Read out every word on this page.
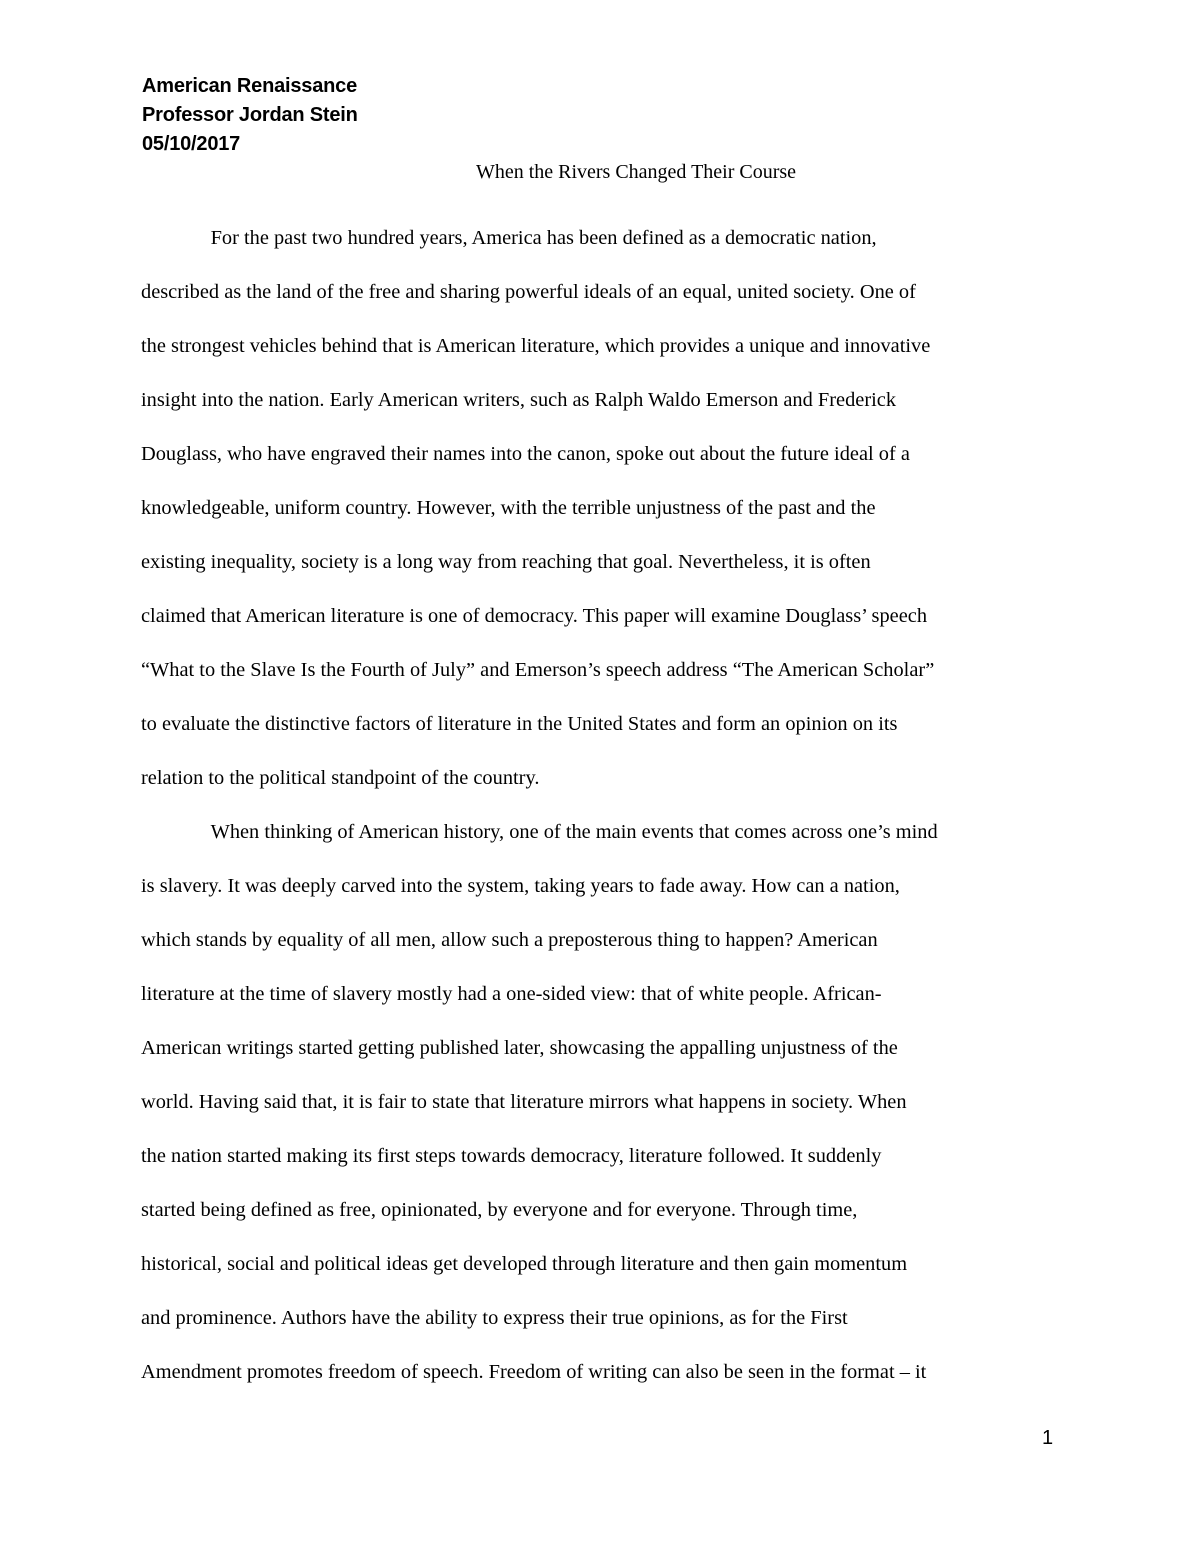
American Renaissance
Professor Jordan Stein
05/10/2017
When the Rivers Changed Their Course
For the past two hundred years, America has been defined as a democratic nation,
described as the land of the free and sharing powerful ideals of an equal, united society. One of
the strongest vehicles behind that is American literature, which provides a unique and innovative
insight into the nation. Early American writers, such as Ralph Waldo Emerson and Frederick
Douglass, who have engraved their names into the canon, spoke out about the future ideal of a
knowledgeable, uniform country. However, with the terrible unjustness of the past and the
existing inequality, society is a long way from reaching that goal. Nevertheless, it is often
claimed that American literature is one of democracy. This paper will examine Douglass’ speech
“What to the Slave Is the Fourth of July” and Emerson’s speech address “The American Scholar”
to evaluate the distinctive factors of literature in the United States and form an opinion on its
relation to the political standpoint of the country.
When thinking of American history, one of the main events that comes across one’s mind
is slavery. It was deeply carved into the system, taking years to fade away. How can a nation,
which stands by equality of all men, allow such a preposterous thing to happen? American
literature at the time of slavery mostly had a one-sided view: that of white people. African-
American writings started getting published later, showcasing the appalling unjustness of the
world. Having said that, it is fair to state that literature mirrors what happens in society. When
the nation started making its first steps towards democracy, literature followed. It suddenly
started being defined as free, opinionated, by everyone and for everyone. Through time,
historical, social and political ideas get developed through literature and then gain momentum
and prominence. Authors have the ability to express their true opinions, as for the First
Amendment promotes freedom of speech. Freedom of writing can also be seen in the format – it
1
